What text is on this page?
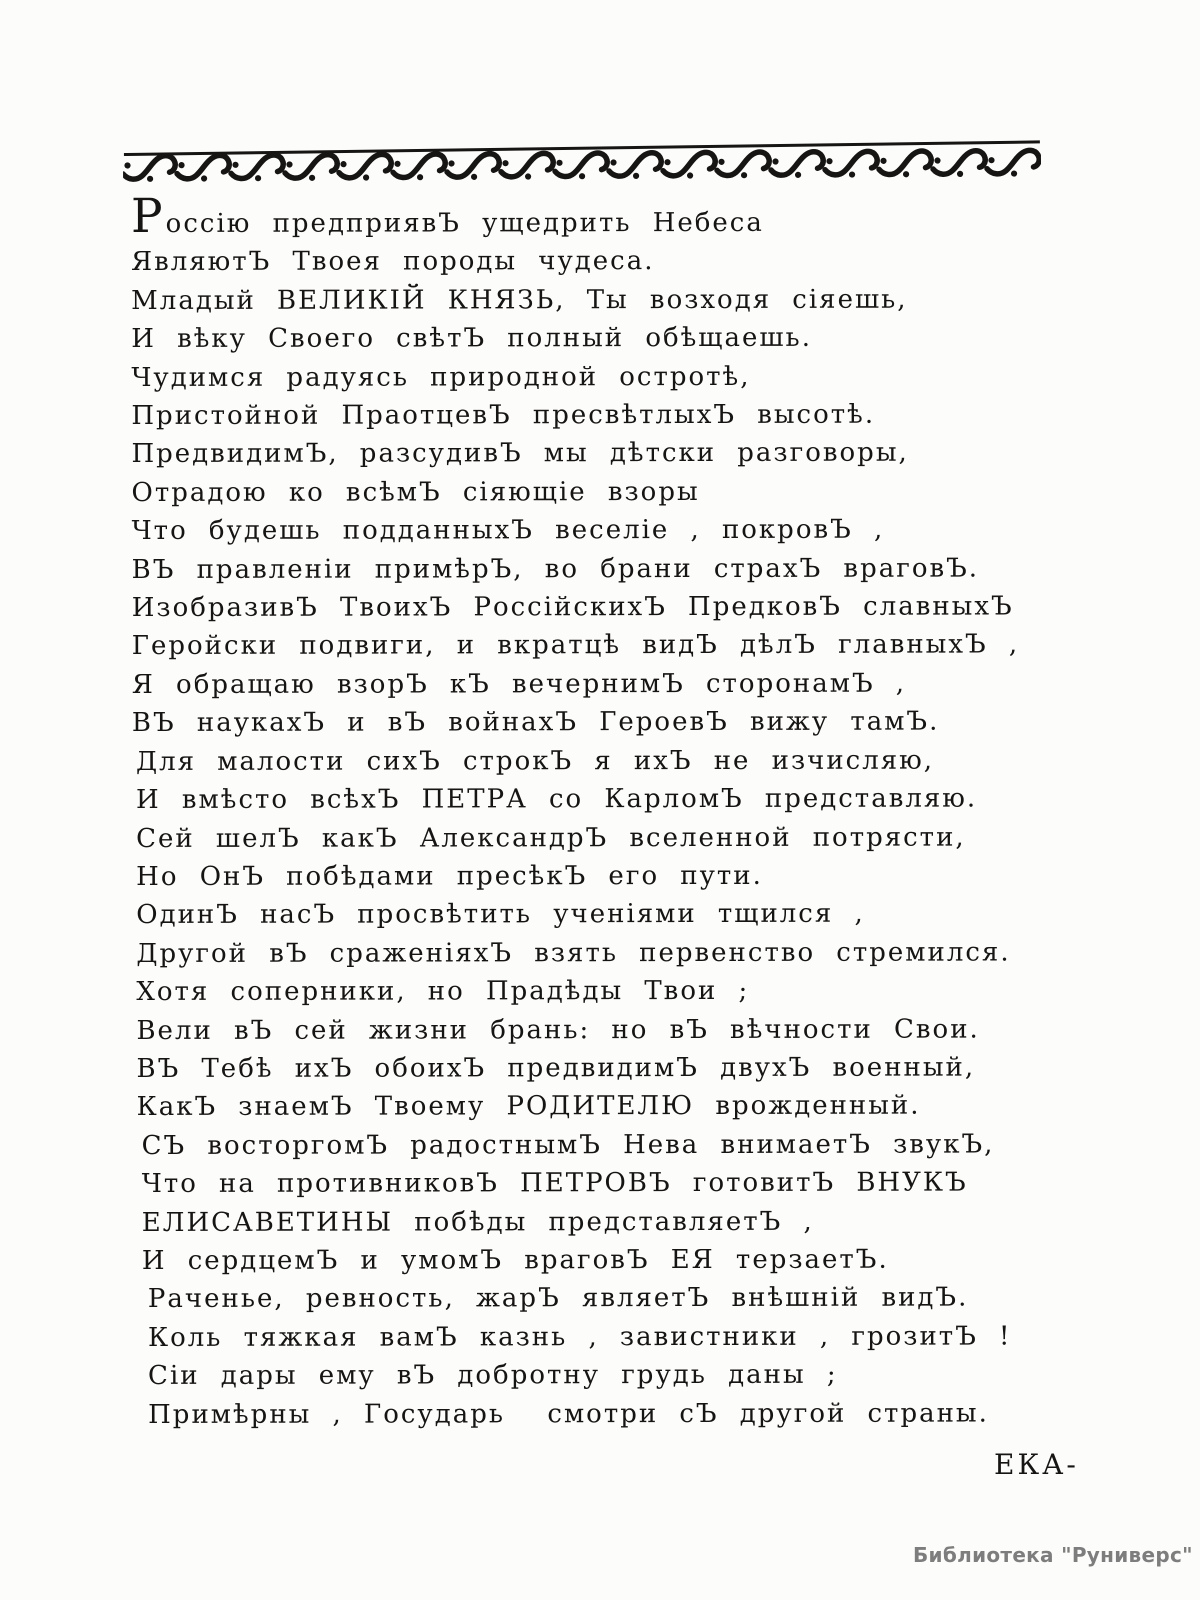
Россію предприявЪ ущедрить Небеса

ЯвляютЪ Твоея породы чудеса.

Младый ВЕЛИКІЙ КНЯЗЬ, Ты возходя сіяешь,

И вѣку Своего свѣтЪ полный обѣщаешь.

Чудимся радуясь природной остротѣ,

Пристойной ПраотцевЪ пресвѣтлыхЪ высотѣ.

ПредвидимЪ, разсудивЪ мы дѣтски разговоры,

Отрадою ко всѣмЪ сіяющіе взоры

Что будешь подданныхЪ веселіе , покровЪ ,

ВЪ правленіи примѣрЪ, во брани страхЪ враговЪ.

ИзобразивЪ ТвоихЪ РоссійскихЪ ПредковЪ славныхЪ

Геройски подвиги, и вкратцѣ видЪ дѣлЪ главныхЪ ,

Я обращаю взорЪ кЪ вечернимЪ сторонамЪ ,

ВЪ наукахЪ и вЪ войнахЪ ГероевЪ вижу тамЪ.

Для малости сихЪ строкЪ я ихЪ не изчисляю,

И вмѣсто всѣхЪ ПЕТРА со КарломЪ представляю.

Сей шелЪ какЪ АлександрЪ вселенной потрясти,

Но ОнЪ побѣдами пресѣкЪ его пути.

ОдинЪ насЪ просвѣтить ученіями тщился ,

Другой вЪ сраженіяхЪ взять первенство стремился.

Хотя соперники, но Прадѣды Твои ;

Вели вЪ сей жизни брань: но вЪ вѣчности Свои.

ВЪ Тебѣ ихЪ обоихЪ предвидимЪ двухЪ военный,

КакЪ знаемЪ Твоему РОДИТЕЛЮ врожденный.

СЪ восторгомЪ радостнымЪ Нева внимаетЪ звукЪ,

Что на противниковЪ ПЕТРОВЪ готовитЪ ВНУКЪ

ЕЛИСАВЕТИНЫ побѣды представляетЪ ,

И сердцемЪ и умомЪ враговЪ ЕЯ терзаетЪ.

Раченье, ревность, жарЪ являетЪ внѣшній видЪ.

Коль тяжкая вамЪ казнь , завистники , грозитЪ !

Сіи дары ему вЪ добротну грудь даны ;

Примѣрны , Государь  смотри сЪ другой страны.

ЕКА-
Библиотека "Руниверс"
